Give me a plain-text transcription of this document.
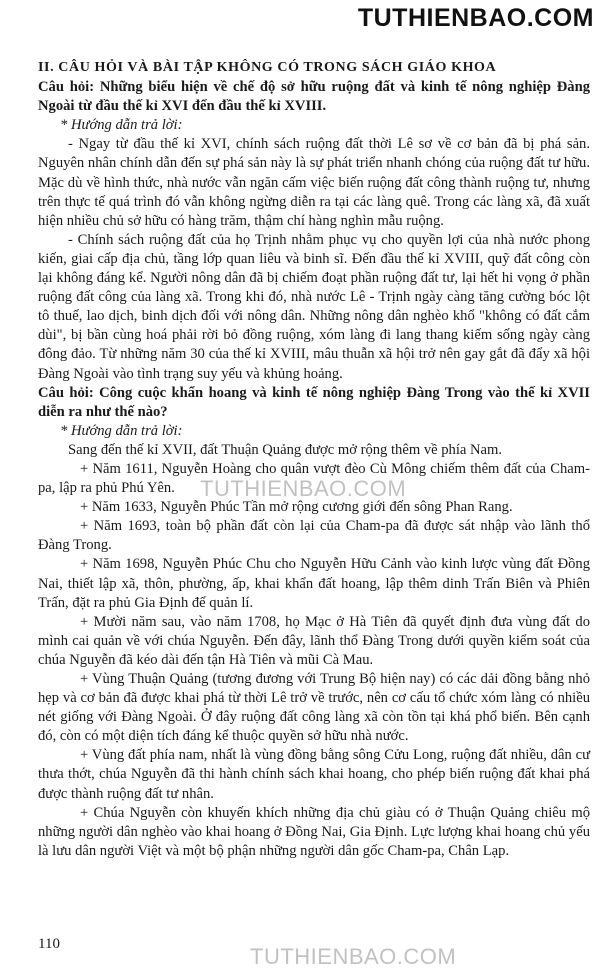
TUTHIENBAO.COM

II. CÂU HỎI VÀ BÀI TẬP KHÔNG CÓ TRONG SÁCH GIÁO KHOA

Câu hỏi: Những biểu hiện về chế độ sở hữu ruộng đất và kinh tế nông nghiệp Đàng Ngoài từ đầu thế kỉ XVI đến đầu thế kỉ XVIII.

* Hướng dẫn trả lời:

- Ngay từ đầu thế kỉ XVI, chính sách ruộng đất thời Lê sơ về cơ bản đã bị phá sản. Nguyên nhân chính dẫn đến sự phá sản này là sự phát triển nhanh chóng của ruộng đất tư hữu. Mặc dù về hình thức, nhà nước vẫn ngăn cấm việc biến ruộng đất công thành ruộng tư, nhưng trên thực tế quá trình đó vẫn không ngừng diễn ra tại các làng quê. Trong các làng xã, đã xuất hiện nhiều chủ sở hữu có hàng trăm, thậm chí hàng nghìn mẫu ruộng.

- Chính sách ruộng đất của họ Trịnh nhằm phục vụ cho quyền lợi của nhà nước phong kiến, giai cấp địa chủ, tầng lớp quan liêu và binh sĩ. Đến đầu thế kỉ XVIII, quỹ đất công còn lại không đáng kể. Người nông dân đã bị chiếm đoạt phần ruộng đất tư, lại hết hi vọng ở phần ruộng đất công của làng xã. Trong khi đó, nhà nước Lê - Trịnh ngày càng tăng cường bóc lột tô thuế, lao dịch, binh dịch đối với nông dân. Những nông dân nghèo khổ "không có đất cắm dùi", bị bần cùng hoá phải rời bỏ đồng ruộng, xóm làng đi lang thang kiếm sống ngày càng đông đảo. Từ những năm 30 của thế kỉ XVIII, mâu thuẫn xã hội trở nên gay gắt đã đẩy xã hội Đàng Ngoài vào tình trạng suy yếu và khủng hoảng.

Câu hỏi: Công cuộc khẩn hoang và kinh tế nông nghiệp Đàng Trong vào thế kỉ XVII diễn ra như thế nào?

* Hướng dẫn trả lời:

Sang đến thế kỉ XVII, đất Thuận Quảng được mở rộng thêm về phía Nam.

+ Năm 1611, Nguyễn Hoàng cho quân vượt đèo Cù Mông chiếm thêm đất của Cham-pa, lập ra phủ Phú Yên.

+ Năm 1633, Nguyễn Phúc Tần mở rộng cương giới đến sông Phan Rang.

+ Năm 1693, toàn bộ phần đất còn lại của Cham-pa đã được sát nhập vào lãnh thổ Đàng Trong.

+ Năm 1698, Nguyễn Phúc Chu cho Nguyễn Hữu Cảnh vào kinh lược vùng đất Đồng Nai, thiết lập xã, thôn, phường, ấp, khai khẩn đất hoang, lập thêm dinh Trấn Biên và Phiên Trấn, đặt ra phủ Gia Định để quản lí.

+ Mười năm sau, vào năm 1708, họ Mạc ở Hà Tiên đã quyết định đưa vùng đất do mình cai quản về với chúa Nguyễn. Đến đây, lãnh thổ Đàng Trong dưới quyền kiểm soát của chúa Nguyễn đã kéo dài đến tận Hà Tiên và mũi Cà Mau.

+ Vùng Thuận Quảng (tương đương với Trung Bộ hiện nay) có các dải đồng bằng nhỏ hẹp và cơ bản đã được khai phá từ thời Lê trở về trước, nên cơ cấu tổ chức xóm làng có nhiều nét giống với Đàng Ngoài. Ở đây ruộng đất công làng xã còn tồn tại khá phổ biến. Bên cạnh đó, còn có một diện tích đáng kể thuộc quyền sở hữu nhà nước.

+ Vùng đất phía nam, nhất là vùng đồng bằng sông Cửu Long, ruộng đất nhiều, dân cư thưa thớt, chúa Nguyễn đã thi hành chính sách khai hoang, cho phép biến ruộng đất khai phá được thành ruộng đất tư nhân.

+ Chúa Nguyễn còn khuyến khích những địa chủ giàu có ở Thuận Quảng chiêu mộ những người dân nghèo vào khai hoang ở Đồng Nai, Gia Định. Lực lượng khai hoang chủ yếu là lưu dân người Việt và một bộ phận những người dân gốc Cham-pa, Chân Lạp.

TUTHIENBAO.COM
TUTHIENBAO.COM
110
